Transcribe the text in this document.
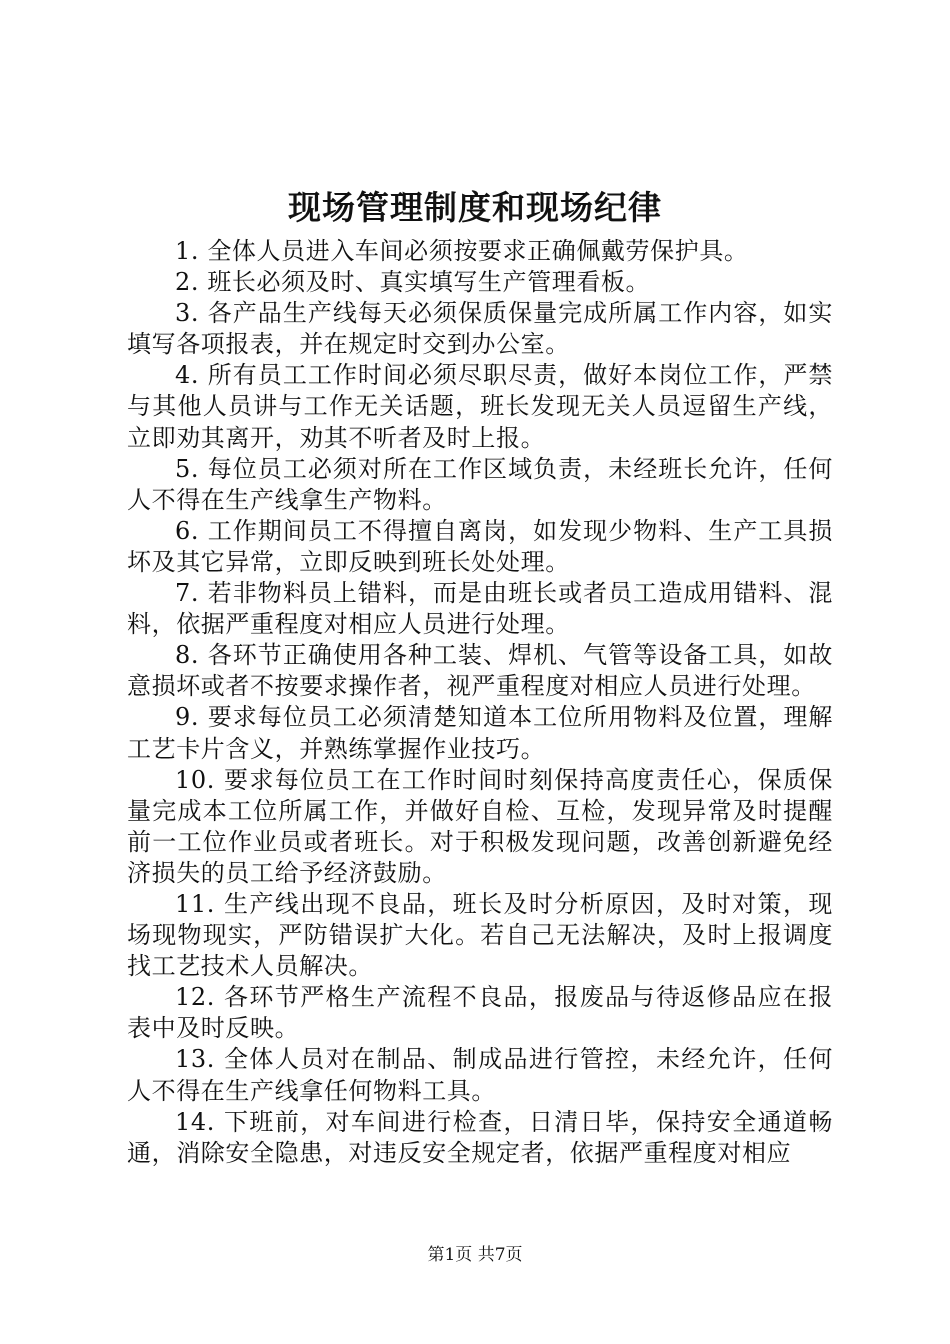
现场管理制度和现场纪律

1. 全体人员进入车间必须按要求正确佩戴劳保护具。

2. 班长必须及时、真实填写生产管理看板。

3. 各产品生产线每天必须保质保量完成所属工作内容，如实填写各项报表，并在规定时交到办公室。

4. 所有员工工作时间必须尽职尽责，做好本岗位工作，严禁与其他人员讲与工作无关话题，班长发现无关人员逗留生产线，立即劝其离开，劝其不听者及时上报。

5. 每位员工必须对所在工作区域负责，未经班长允许，任何人不得在生产线拿生产物料。

6. 工作期间员工不得擅自离岗，如发现少物料、生产工具损坏及其它异常，立即反映到班长处处理。

7. 若非物料员上错料，而是由班长或者员工造成用错料、混料，依据严重程度对相应人员进行处理。

8. 各环节正确使用各种工装、焊机、气管等设备工具，如故意损坏或者不按要求操作者，视严重程度对相应人员进行处理。

9. 要求每位员工必须清楚知道本工位所用物料及位置，理解工艺卡片含义，并熟练掌握作业技巧。

10. 要求每位员工在工作时间时刻保持高度责任心，保质保量完成本工位所属工作，并做好自检、互检，发现异常及时提醒前一工位作业员或者班长。对于积极发现问题，改善创新避免经济损失的员工给予经济鼓励。

11. 生产线出现不良品，班长及时分析原因，及时对策，现场现物现实，严防错误扩大化。若自己无法解决，及时上报调度找工艺技术人员解决。

12. 各环节严格生产流程不良品，报废品与待返修品应在报表中及时反映。

13. 全体人员对在制品、制成品进行管控，未经允许，任何人不得在生产线拿任何物料工具。

14. 下班前，对车间进行检查，日清日毕，保持安全通道畅通，消除安全隐患，对违反安全规定者，依据严重程度对相应

第1页 共7页
